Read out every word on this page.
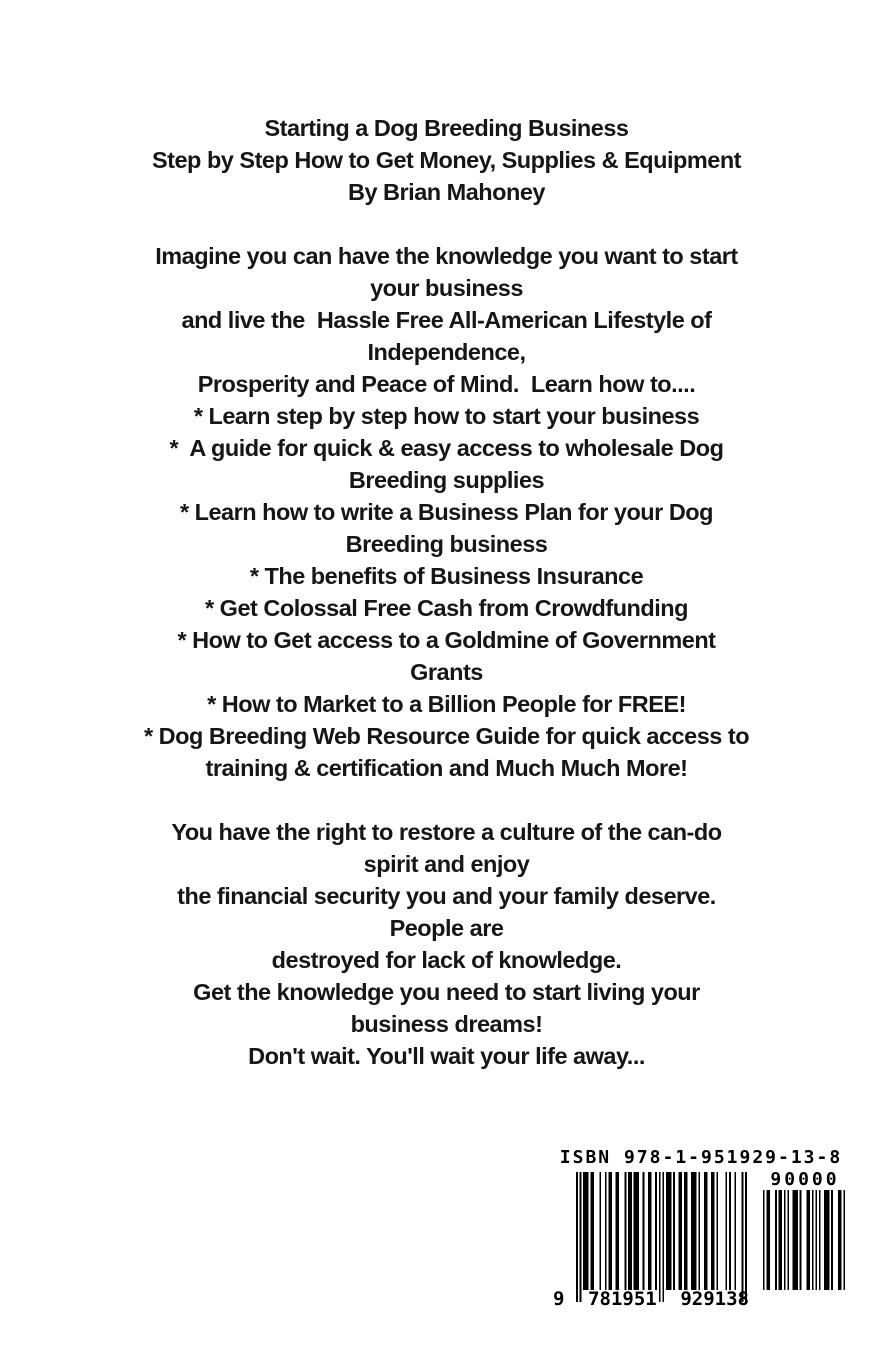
Starting a Dog Breeding Business
Step by Step How to Get Money, Supplies & Equipment
By Brian Mahoney
Imagine you can have the knowledge you want to start
your business
and live the  Hassle Free All-American Lifestyle of
Independence,
Prosperity and Peace of Mind.  Learn how to....
* Learn step by step how to start your business
*  A guide for quick & easy access to wholesale Dog
Breeding supplies
* Learn how to write a Business Plan for your Dog
Breeding business
* The benefits of Business Insurance
* Get Colossal Free Cash from Crowdfunding
* How to Get access to a Goldmine of Government
Grants
* How to Market to a Billion People for FREE!
* Dog Breeding Web Resource Guide for quick access to
training & certification and Much Much More!

You have the right to restore a culture of the can-do
spirit and enjoy
the financial security you and your family deserve.
People are
destroyed for lack of knowledge.
Get the knowledge you need to start living your
business dreams!
Don't wait. You'll wait your life away...
ISBN 978-1-951929-13-8
9 781951 929138
90000
